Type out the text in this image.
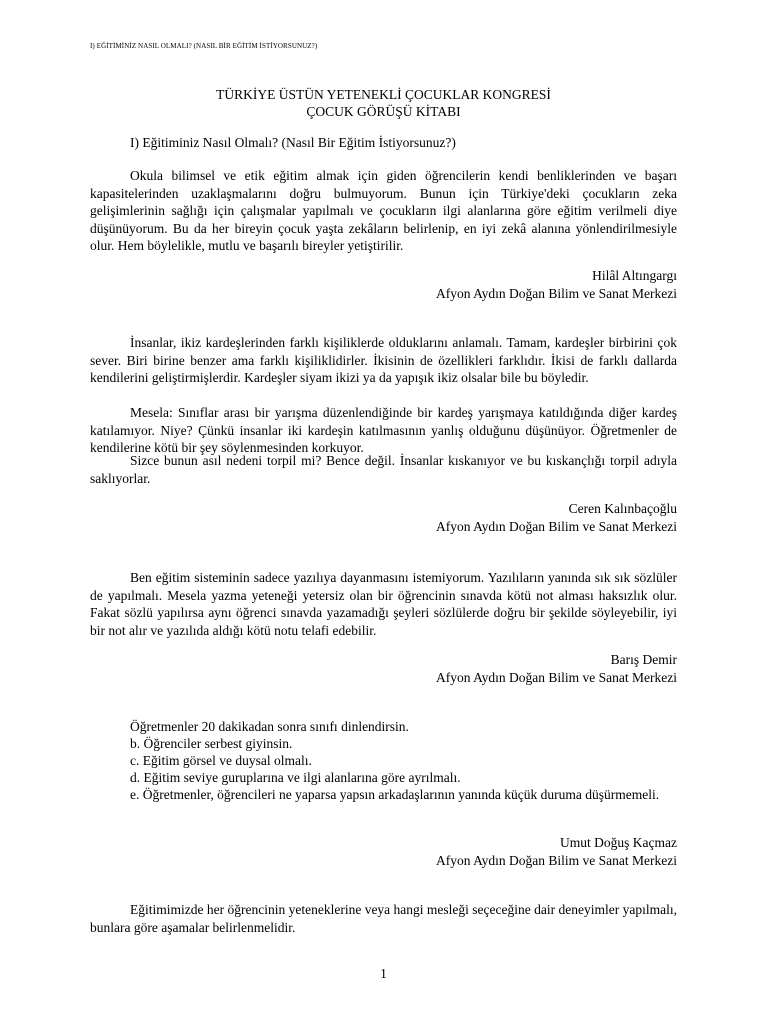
I) EĞİTİMİNİZ NASIL OLMALI? (NASIL BİR EĞİTİM İSTİYORSUNUZ?)
TÜRKİYE ÜSTÜN YETENEKLİ ÇOCUKLAR KONGRESİ
ÇOCUK GÖRÜŞÜ KİTABI
I) Eğitiminiz Nasıl Olmalı? (Nasıl Bir Eğitim İstiyorsunuz?)

Okula bilimsel ve etik eğitim almak için giden öğrencilerin kendi benliklerinden ve başarı kapasitelerinden uzaklaşmalarını doğru bulmuyorum. Bunun için Türkiye'deki çocukların zeka gelişimlerinin sağlığı için çalışmalar yapılmalı ve çocukların ilgi alanlarına göre eğitim verilmeli diye düşünüyorum. Bu da her bireyin çocuk yaşta zekâların belirlenip, en iyi zekâ alanına yönlendirilmesiyle olur. Hem böylelikle, mutlu ve başarılı bireyler yetiştirilir.

Hilâl Altıngargı
Afyon Aydın Doğan Bilim ve Sanat Merkezi

İnsanlar, ikiz kardeşlerinden farklı kişiliklerde olduklarını anlamalı. Tamam, kardeşler birbirini çok sever. Biri birine benzer ama farklı kişiliklidirler. İkisinin de özellikleri farklıdır. İkisi de farklı dallarda kendilerini geliştirmişlerdir. Kardeşler siyam ikizi ya da yapışık ikiz olsalar bile bu böyledir.

Mesela: Sınıflar arası bir yarışma düzenlendiğinde bir kardeş yarışmaya katıldığında diğer kardeş katılamıyor. Niye? Çünkü insanlar iki kardeşin katılmasının yanlış olduğunu düşünüyor. Öğretmenler de kendilerine kötü bir şey söylenmesinden korkuyor.

Sizce bunun asıl nedeni torpil mi? Bence değil. İnsanlar kıskanıyor ve bu kıskançlığı torpil adıyla saklıyorlar.

Ceren Kalınbaçoğlu
Afyon Aydın Doğan Bilim ve Sanat Merkezi

Ben eğitim sisteminin sadece yazılıya dayanmasını istemiyorum. Yazılıların yanında sık sık sözlüler de yapılmalı. Mesela yazma yeteneği yetersiz olan bir öğrencinin sınavda kötü not alması haksızlık olur. Fakat sözlü yapılırsa aynı öğrenci sınavda yazamadığı şeyleri sözlülerde doğru bir şekilde söyleyebilir, iyi bir not alır ve yazılıda aldığı kötü notu telafi edebilir.

Barış Demir
Afyon Aydın Doğan Bilim ve Sanat Merkezi
Öğretmenler 20 dakikadan sonra sınıfı dinlendirsin.
b. Öğrenciler serbest giyinsin.
c. Eğitim görsel ve duysal olmalı.
d. Eğitim seviye guruplarına ve ilgi alanlarına göre ayrılmalı.
e. Öğretmenler, öğrencileri ne yaparsa yapsın arkadaşlarının yanında küçük duruma düşürmemeli.
Umut Doğuş Kaçmaz
Afyon Aydın Doğan Bilim ve Sanat Merkezi

Eğitimimizde her öğrencinin yeteneklerine veya hangi mesleği seçeceğine dair deneyimler yapılmalı, bunlara göre aşamalar belirlenmelidir.

1
